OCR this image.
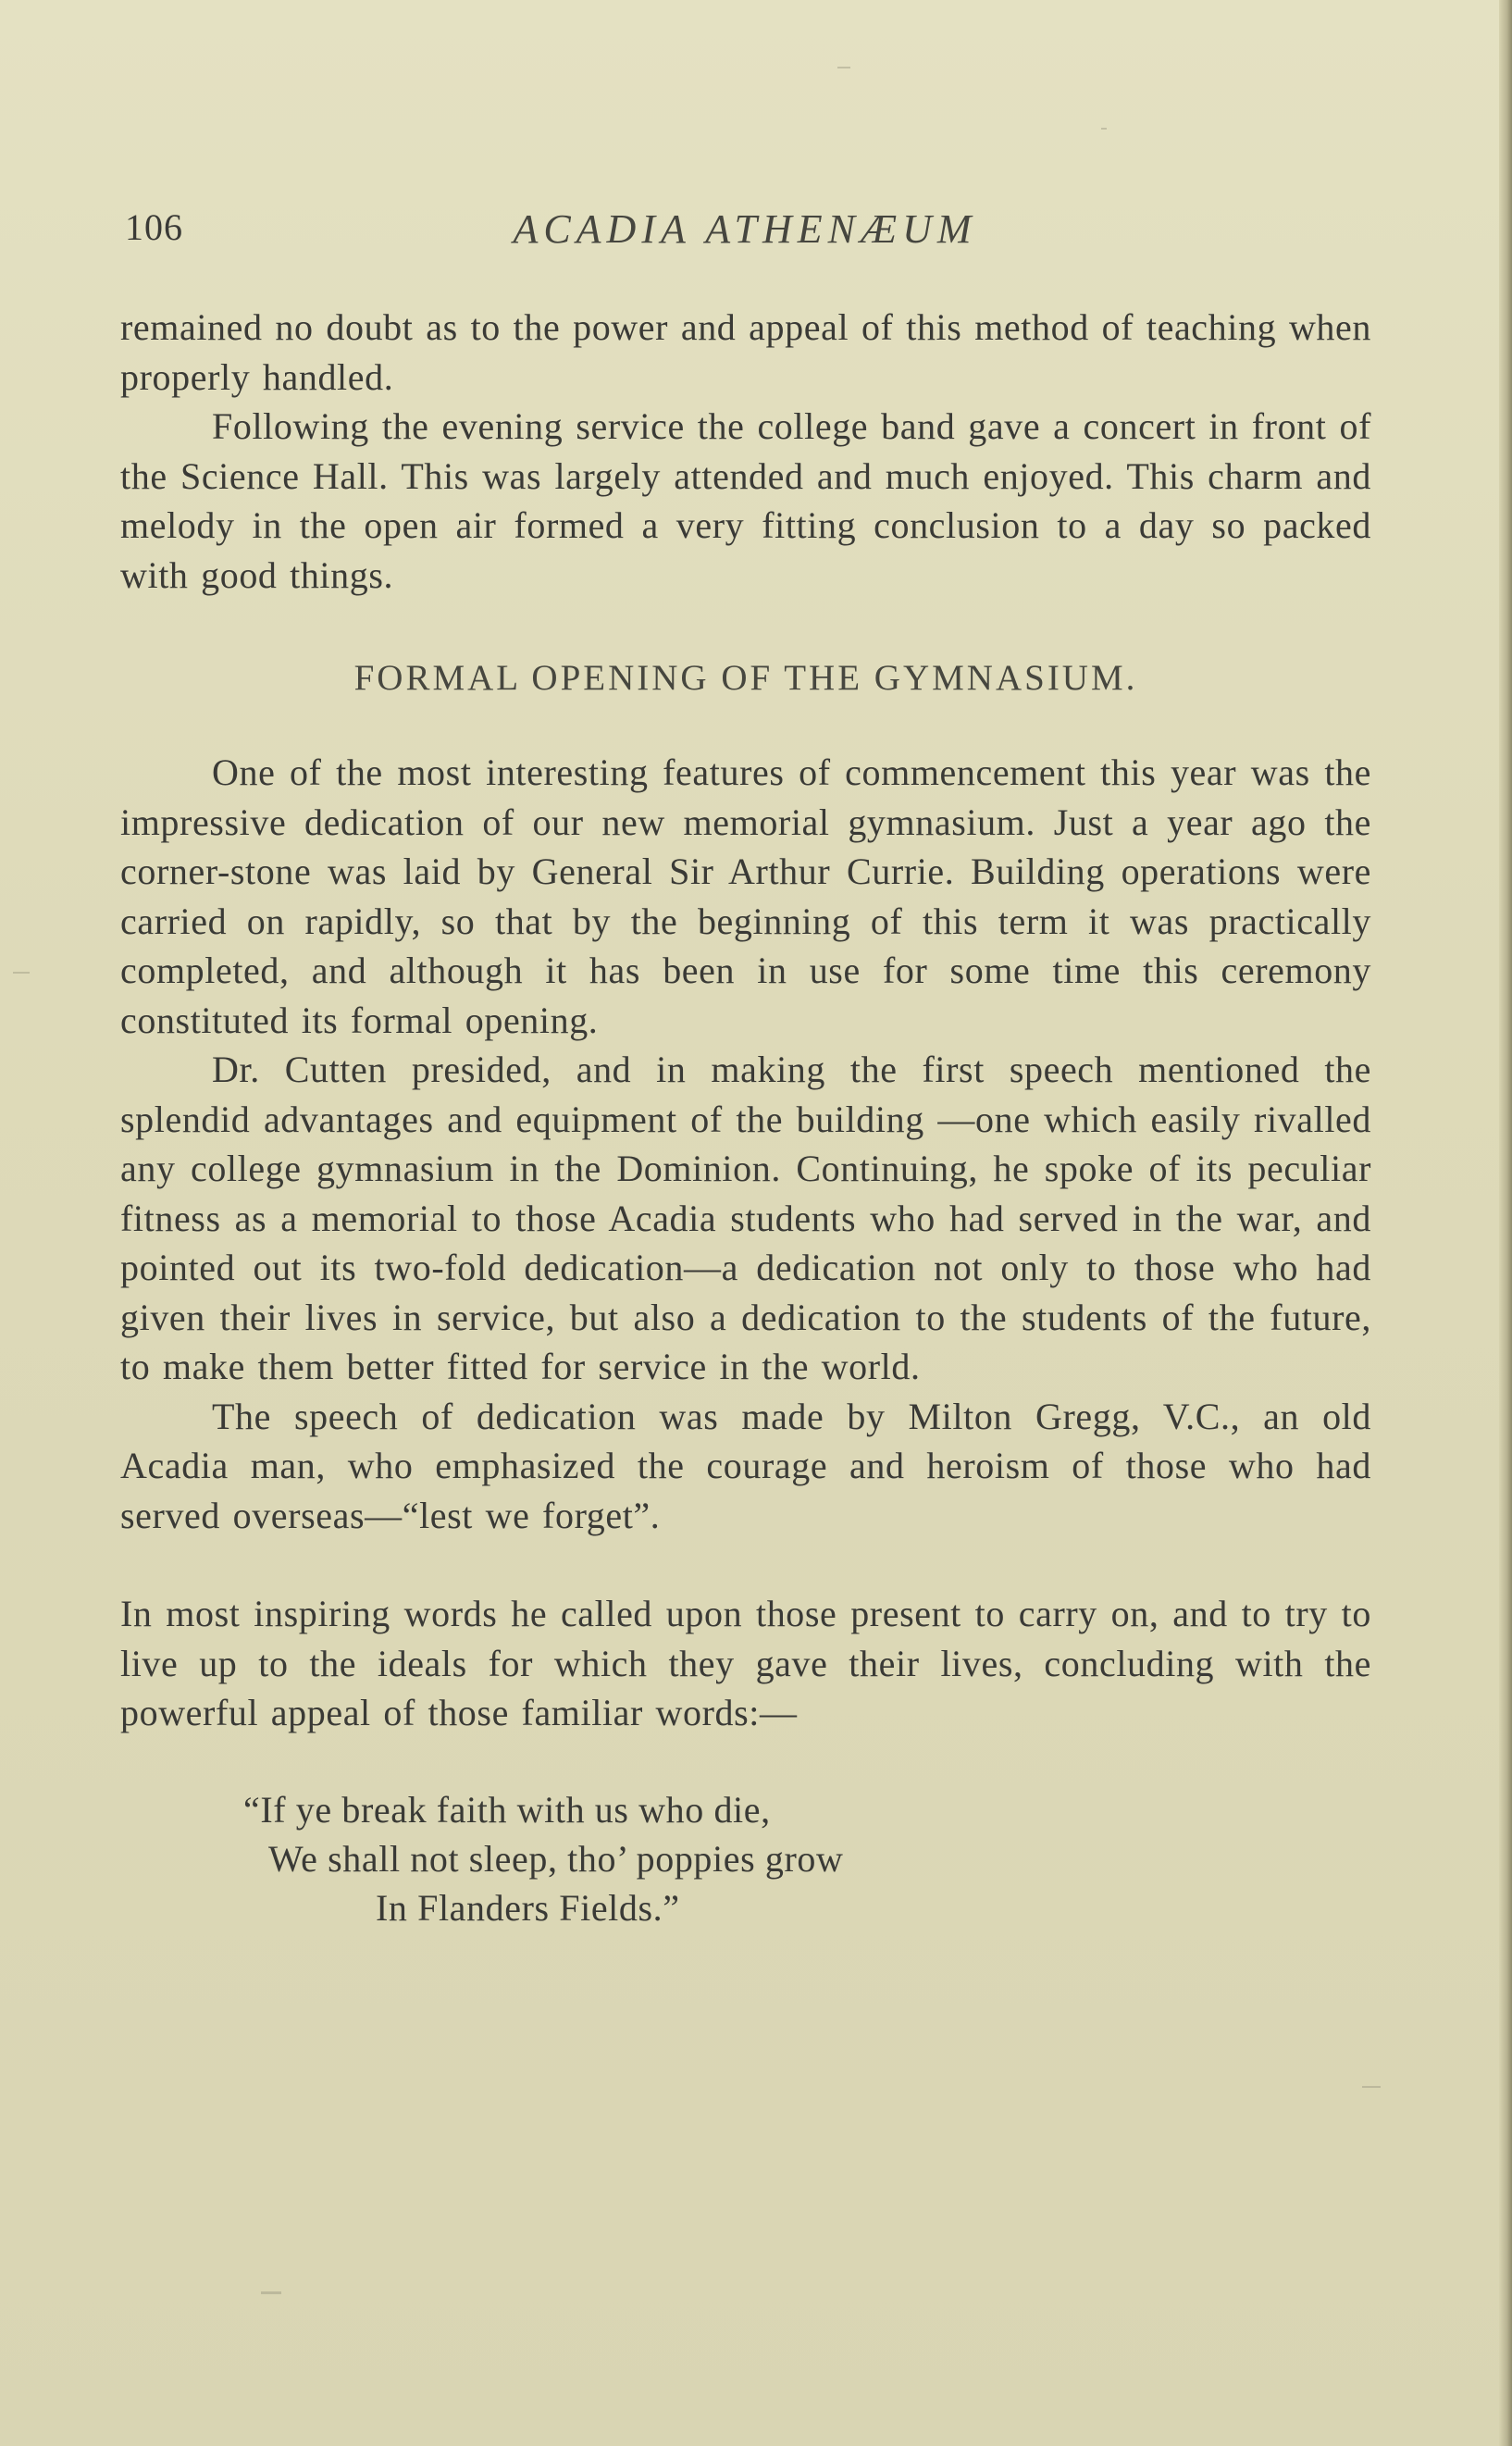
106	ACADIA ATHENÆUM

remained no doubt as to the power and appeal of this method of teaching when properly handled.

Following the evening service the college band gave a concert in front of the Science Hall. This was largely attended and much enjoyed. This charm and melody in the open air formed a very fitting conclusion to a day so packed with good things.

FORMAL OPENING OF THE GYMNASIUM.

One of the most interesting features of commencement this year was the impressive dedication of our new memorial gymnasium. Just a year ago the corner-stone was laid by General Sir Arthur Currie. Building operations were carried on rapidly, so that by the beginning of this term it was practically completed, and although it has been in use for some time this ceremony constituted its formal opening.

Dr. Cutten presided, and in making the first speech mentioned the splendid advantages and equipment of the building —one which easily rivalled any college gymnasium in the Dominion. Continuing, he spoke of its peculiar fitness as a memorial to those Acadia students who had served in the war, and pointed out its two-fold dedication—a dedication not only to those who had given their lives in service, but also a dedication to the students of the future, to make them better fitted for service in the world.

The speech of dedication was made by Milton Gregg, V.C., an old Acadia man, who emphasized the courage and heroism of those who had served overseas—“lest we forget”.

In most inspiring words he called upon those present to carry on, and to try to live up to the ideals for which they gave their lives, concluding with the powerful appeal of those familiar words:—

“If ye break faith with us who die,
We shall not sleep, tho’ poppies grow
In Flanders Fields.”
